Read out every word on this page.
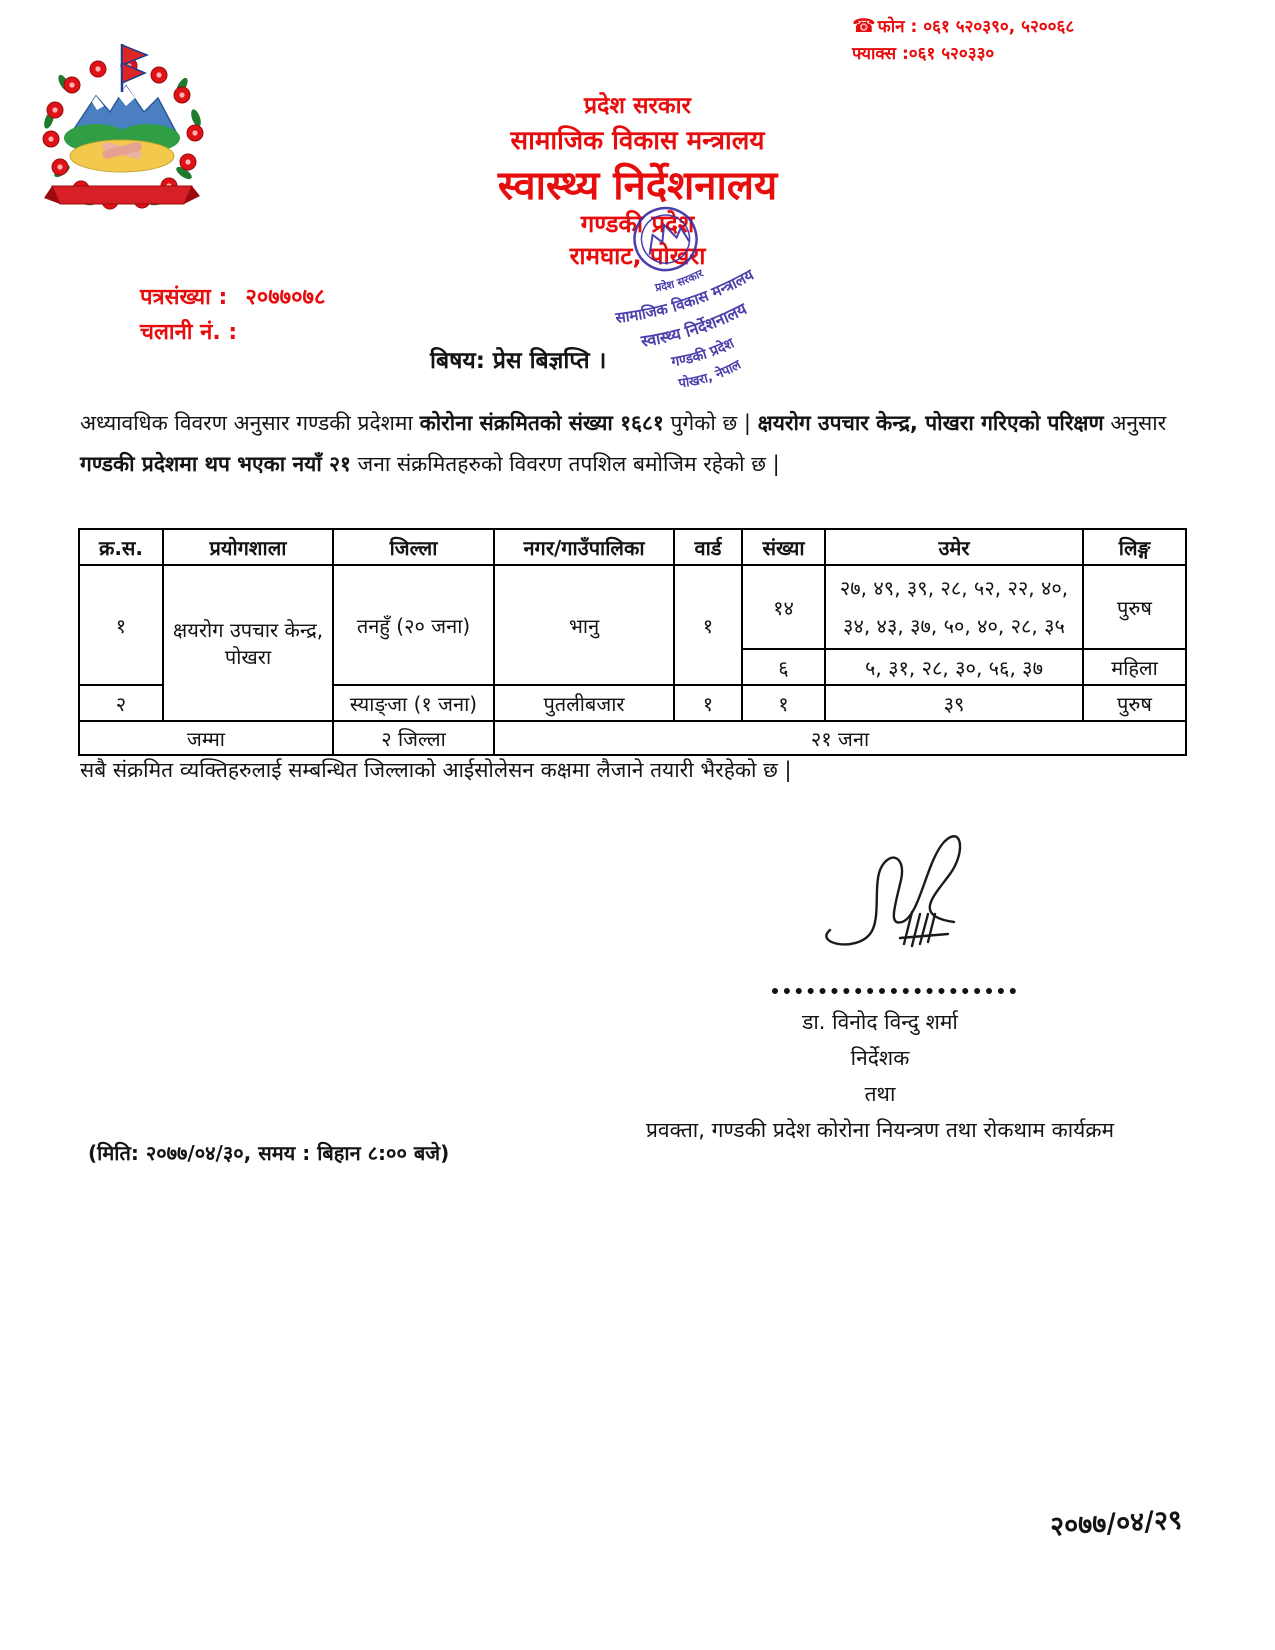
☎ फोन : ०६१ ५२०३९०, ५२००६८
फ्याक्स :०६१ ५२०३३०
प्रदेश सरकार
सामाजिक विकास मन्त्रालय
स्वास्थ्य निर्देशनालय
गण्डकी प्रदेश
रामघाट, पोखरा
प्रदेश सरकार
सामाजिक विकास मन्त्रालय
स्वास्थ्य निर्देशनालय
गण्डकी प्रदेश
पोखरा, नेपाल
पत्रसंख्या : २०७७०७८
चलानी नं. :
बिषय: प्रेस बिज्ञप्ति ।
अध्यावधिक विवरण अनुसार गण्डकी प्रदेशमा कोरोना संक्रमितको संख्या १६८१ पुगेको छ | क्षयरोग उपचार केन्द्र, पोखरा गरिएको परिक्षण अनुसार गण्डकी प्रदेशमा थप भएका नयाँ २१ जना संक्रमितहरुको विवरण तपशिल बमोजिम रहेको छ |
क्र.स.	प्रयोगशाला	जिल्ला	नगर/गाउँपालिका	वार्ड	संख्या	उमेर	लिङ्ग
१	क्षयरोग उपचार केन्द्र, पोखरा	तनहुँ (२० जना)	भानु	१	१४	२७, ४९, ३९, २८, ५२, २२, ४०, ३४, ४३, ३७, ५०, ४०, २८, ३५	पुरुष
					६	५, ३१, २८, ३०, ५६, ३७	महिला
२		स्याङ्जा (१ जना)	पुतलीबजार	१	१	३९	पुरुष
जम्मा		२ जिल्ला	२१ जना				
सबै संक्रमित व्यक्तिहरुलाई सम्बन्धित जिल्लाको आईसोलेसन कक्षमा लैजाने तयारी भैरहेको छ |
डा. विनोद विन्दु शर्मा
निर्देशक
तथा
प्रवक्ता, गण्डकी प्रदेश कोरोना नियन्त्रण तथा रोकथाम कार्यक्रम
(मिति: २०७७/०४/३०, समय : बिहान ८:०० बजे)
२०७७/०४/२९
